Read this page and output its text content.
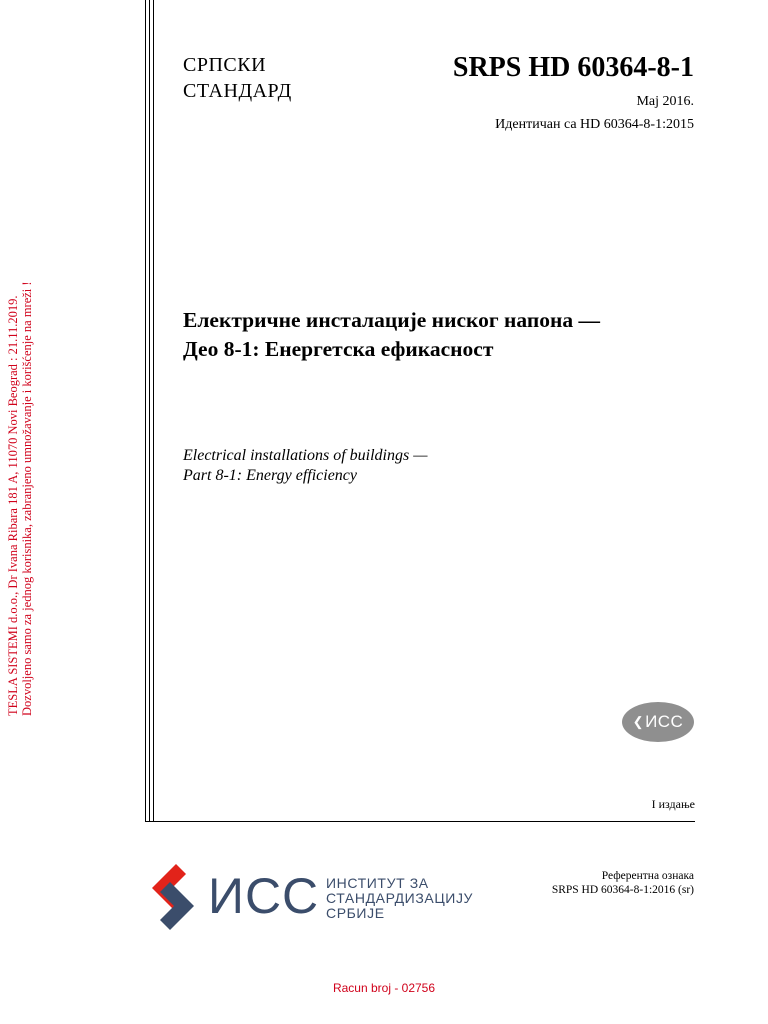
TESLA SISTEMI d.o.o., Dr Ivana Ribara 181 A, 11070 Novi Beograd : 21.11.2019. Dozvoljeno samo za jednog korisnika, zabranjeno umnožavanje i korišćenje na mreži !
СРПСКИ
СТАНДАРД
SRPS HD 60364-8-1
Мај 2016.
Идентичан са HD 60364-8-1:2015
Електричне инсталације ниског напона —
Део 8-1: Енергетска ефикасност
Electrical installations of buildings —
Part 8-1: Energy efficiency
❮ ИСС
I издање
ИСС ИНСТИТУТ ЗА
СТАНДАРДИЗАЦИЈУ
СРБИЈЕ
Референтна ознака
SRPS HD 60364-8-1:2016 (sr)
Racun broj - 02756
